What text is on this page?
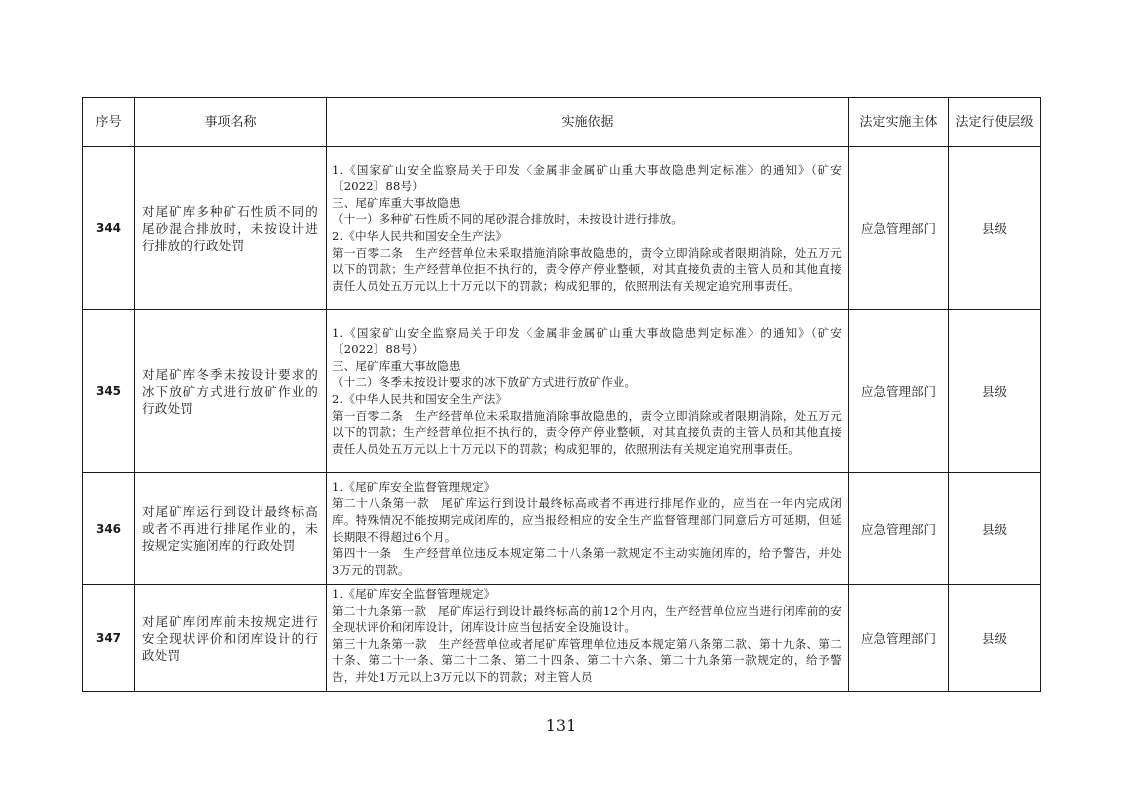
序号	事项名称	实施依据	法定实施主体	法定行使层级
344	对尾矿库多种矿石性质不同的尾砂混合排放时，未按设计进行排放的行政处罚	1.《国家矿山安全监察局关于印发〈金属非金属矿山重大事故隐患判定标准〉的通知》（矿安〔2022〕88号）
三、尾矿库重大事故隐患
（十一）多种矿石性质不同的尾砂混合排放时，未按设计进行排放。
2.《中华人民共和国安全生产法》
第一百零二条　生产经营单位未采取措施消除事故隐患的，责令立即消除或者限期消除，处五万元以下的罚款；生产经营单位拒不执行的，责令停产停业整顿，对其直接负责的主管人员和其他直接责任人员处五万元以上十万元以下的罚款；构成犯罪的，依照刑法有关规定追究刑事责任。	应急管理部门	县级
345	对尾矿库冬季未按设计要求的冰下放矿方式进行放矿作业的行政处罚	1.《国家矿山安全监察局关于印发〈金属非金属矿山重大事故隐患判定标准〉的通知》（矿安〔2022〕88号）
三、尾矿库重大事故隐患
（十二）冬季未按设计要求的冰下放矿方式进行放矿作业。
2.《中华人民共和国安全生产法》
第一百零二条　生产经营单位未采取措施消除事故隐患的，责令立即消除或者限期消除，处五万元以下的罚款；生产经营单位拒不执行的，责令停产停业整顿，对其直接负责的主管人员和其他直接责任人员处五万元以上十万元以下的罚款；构成犯罪的，依照刑法有关规定追究刑事责任。	应急管理部门	县级
346	对尾矿库运行到设计最终标高或者不再进行排尾作业的，未按规定实施闭库的行政处罚	1.《尾矿库安全监督管理规定》
第二十八条第一款　尾矿库运行到设计最终标高或者不再进行排尾作业的，应当在一年内完成闭库。特殊情况不能按期完成闭库的，应当报经相应的安全生产监督管理部门同意后方可延期，但延长期限不得超过6个月。
第四十一条　生产经营单位违反本规定第二十八条第一款规定不主动实施闭库的，给予警告，并处3万元的罚款。	应急管理部门	县级
347	对尾矿库闭库前未按规定进行安全现状评价和闭库设计的行政处罚	1.《尾矿库安全监督管理规定》
第二十九条第一款　尾矿库运行到设计最终标高的前12个月内，生产经营单位应当进行闭库前的安全现状评价和闭库设计，闭库设计应当包括安全设施设计。
第三十九条第一款　生产经营单位或者尾矿库管理单位违反本规定第八条第二款、第十九条、第二十条、第二十一条、第二十二条、第二十四条、第二十六条、第二十九条第一款规定的，给予警告，并处1万元以上3万元以下的罚款；对主管人员	应急管理部门	县级
131
